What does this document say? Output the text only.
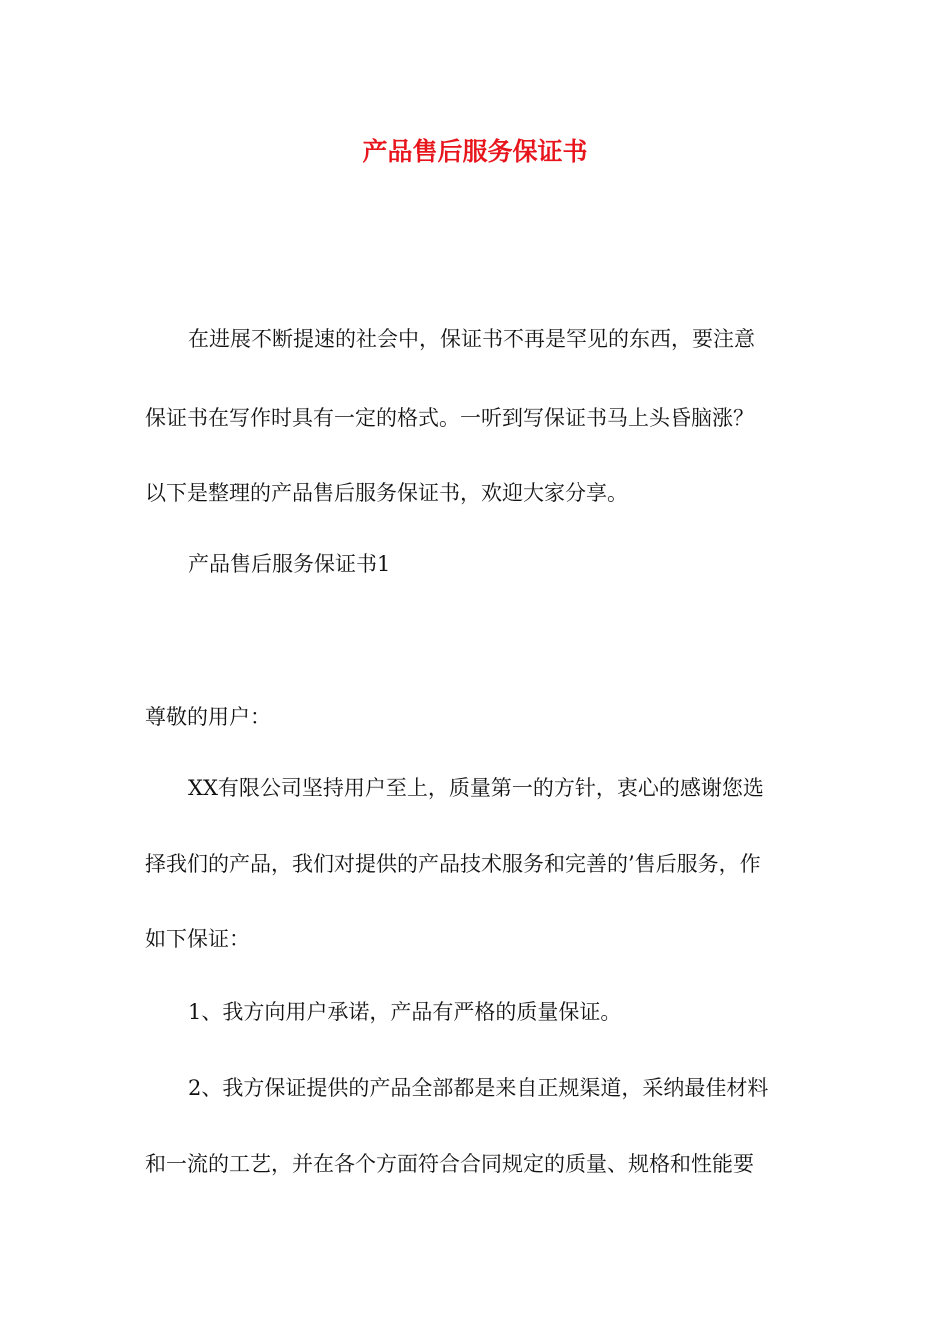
产品售后服务保证书
在进展不断提速的社会中，保证书不再是罕见的东西，要注意
保证书在写作时具有一定的格式。一听到写保证书马上头昏脑涨？
以下是整理的产品售后服务保证书，欢迎大家分享。
产品售后服务保证书1
尊敬的用户：
XX有限公司坚持用户至上，质量第一的方针，衷心的感谢您选
择我们的产品，我们对提供的产品技术服务和完善的’售后服务，作
如下保证：
1、我方向用户承诺，产品有严格的质量保证。
2、我方保证提供的产品全部都是来自正规渠道，采纳最佳材料
和一流的工艺，并在各个方面符合合同规定的质量、规格和性能要
